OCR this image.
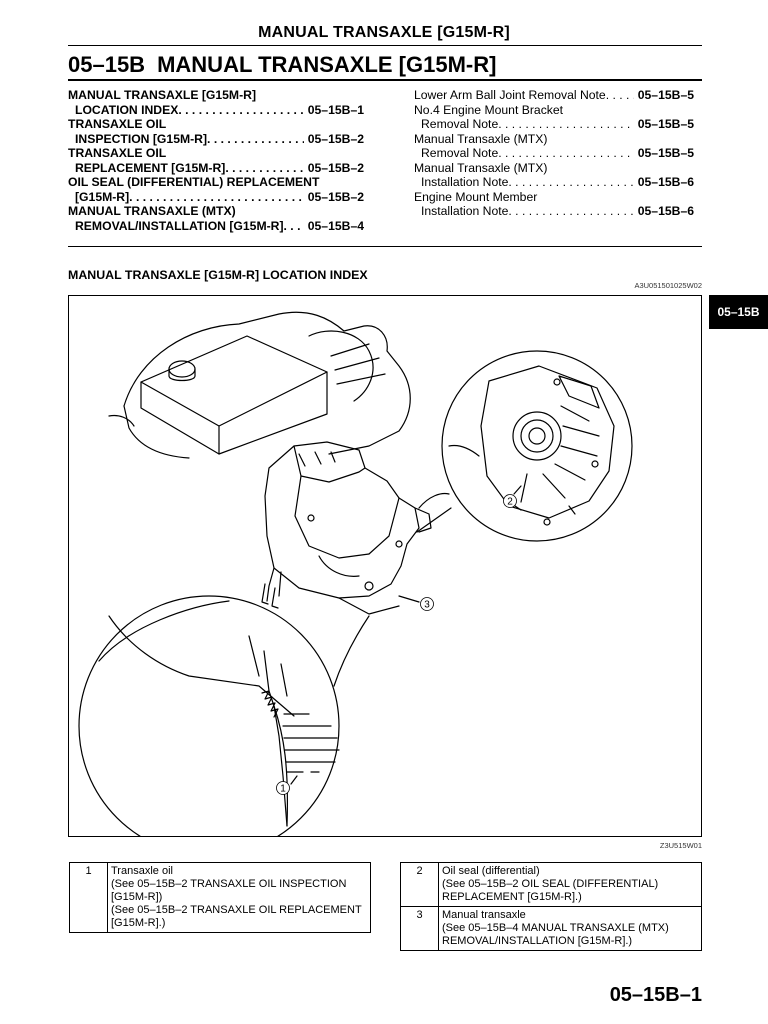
MANUAL TRANSAXLE [G15M-R]
05–15B MANUAL TRANSAXLE [G15M-R]
MANUAL TRANSAXLE [G15M-R]
LOCATION INDEX . . .	05–15B–1
TRANSAXLE OIL
INSPECTION [G15M-R] . . .	05–15B–2
TRANSAXLE OIL
REPLACEMENT [G15M-R] . . .	05–15B–2
OIL SEAL (DIFFERENTIAL) REPLACEMENT
[G15M-R] . . .	05–15B–2
MANUAL TRANSAXLE (MTX)
REMOVAL/INSTALLATION [G15M-R] . . .	05–15B–4
Lower Arm Ball Joint Removal Note . . .	05–15B–5
No.4 Engine Mount Bracket
Removal Note . . .	05–15B–5
Manual Transaxle (MTX)
Removal Note . . .	05–15B–5
Manual Transaxle (MTX)
Installation Note . . .	05–15B–6
Engine Mount Member
Installation Note . . .	05–15B–6
MANUAL TRANSAXLE [G15M-R] LOCATION INDEX
A3U051501025W02
05–15B
2
3
1
Z3U515W01
1	Transaxle oil
(See 05–15B–2 TRANSAXLE OIL INSPECTION
[G15M-R])
(See 05–15B–2 TRANSAXLE OIL REPLACEMENT
[G15M-R].)
2	Oil seal (differential)
(See 05–15B–2 OIL SEAL (DIFFERENTIAL)
REPLACEMENT [G15M-R].)

3	Manual transaxle
(See 05–15B–4 MANUAL TRANSAXLE (MTX)
REMOVAL/INSTALLATION [G15M-R].)
05–15B–1
